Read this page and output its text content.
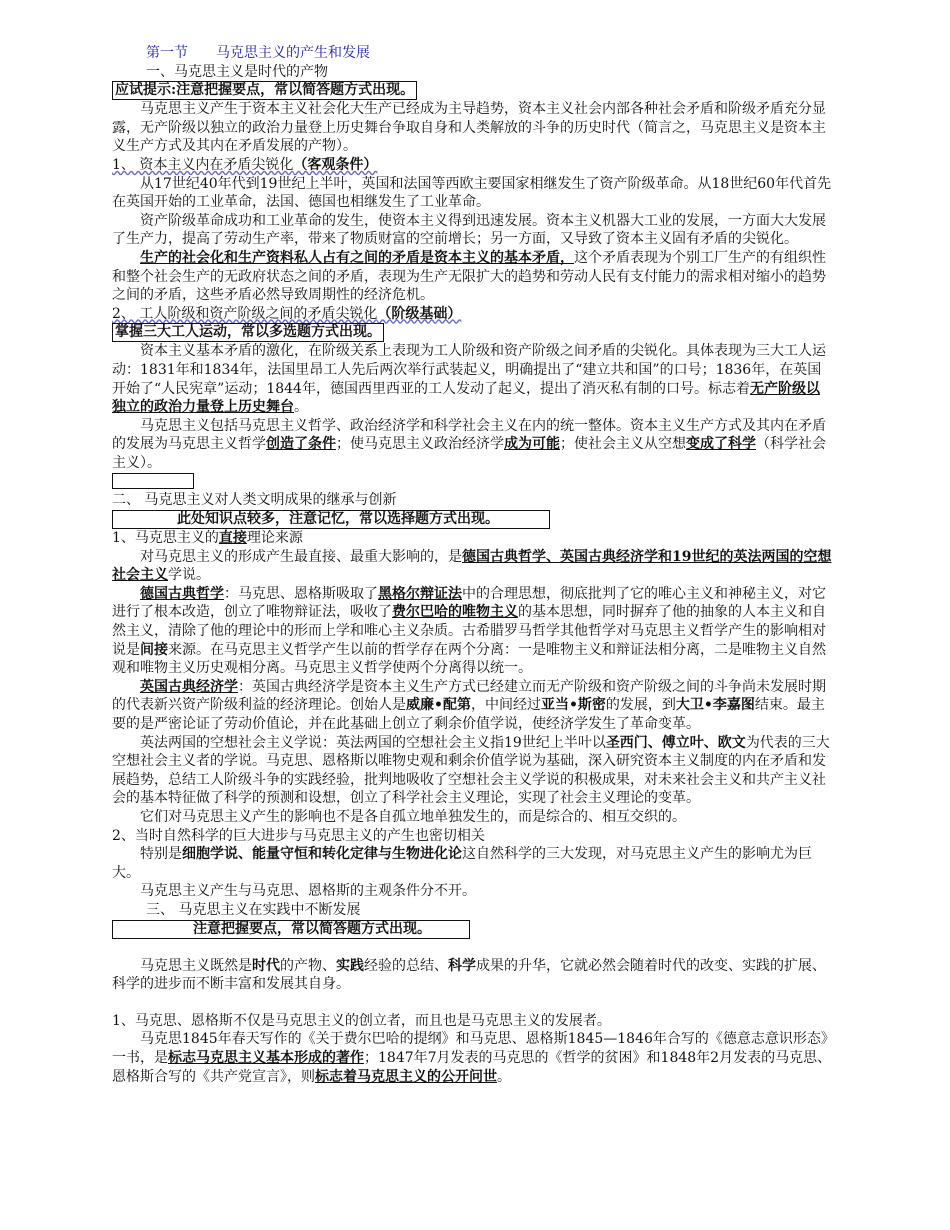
第一节 马克思主义的产生和发展
一、马克思主义是时代的产物
应试提示:注意把握要点，常以简答题方式出现。

马克思主义产生于资本主义社会化大生产已经成为主导趋势，资本主义社会内部各种社会矛盾和阶级矛盾充分显露，无产阶级以独立的政治力量登上历史舞台争取自身和人类解放的斗争的历史时代（简言之，马克思主义是资本主义生产方式及其内在矛盾发展的产物）。

1、 资本主义内在矛盾尖锐化（客观条件）

从17世纪40年代到19世纪上半叶，英国和法国等西欧主要国家相继发生了资产阶级革命。从18世纪60年代首先在英国开始的工业革命，法国、德国也相继发生了工业革命。

资产阶级革命成功和工业革命的发生，使资本主义得到迅速发展。资本主义机器大工业的发展，一方面大大发展了生产力，提高了劳动生产率，带来了物质财富的空前增长；另一方面，又导致了资本主义固有矛盾的尖锐化。

生产的社会化和生产资料私人占有之间的矛盾是资本主义的基本矛盾，这个矛盾表现为个别工厂生产的有组织性和整个社会生产的无政府状态之间的矛盾，表现为生产无限扩大的趋势和劳动人民有支付能力的需求相对缩小的趋势之间的矛盾，这些矛盾必然导致周期性的经济危机。

2、 工人阶级和资产阶级之间的矛盾尖锐化（阶级基础）
掌握三大工人运动，常以多选题方式出现。

资本主义基本矛盾的激化，在阶级关系上表现为工人阶级和资产阶级之间矛盾的尖锐化。具体表现为三大工人运动：1831年和1834年，法国里昂工人先后两次举行武装起义，明确提出了“建立共和国”的口号；1836年，在英国开始了“人民宪章”运动；1844年，德国西里西亚的工人发动了起义，提出了消灭私有制的口号。标志着无产阶级以独立的政治力量登上历史舞台。

马克思主义包括马克思主义哲学、政治经济学和科学社会主义在内的统一整体。资本主义生产方式及其内在矛盾的发展为马克思主义哲学创造了条件；使马克思主义政治经济学成为可能；使社会主义从空想变成了科学（科学社会主义）。

二、 马克思主义对人类文明成果的继承与创新
此处知识点较多，注意记忆，常以选择题方式出现。
1、马克思主义的直接理论来源

对马克思主义的形成产生最直接、最重大影响的，是德国古典哲学、英国古典经济学和19世纪的英法两国的空想社会主义学说。

德国古典哲学：马克思、恩格斯吸取了黑格尔辩证法中的合理思想，彻底批判了它的唯心主义和神秘主义，对它进行了根本改造，创立了唯物辩证法，吸收了费尔巴哈的唯物主义的基本思想，同时摒弃了他的抽象的人本主义和自然主义，清除了他的理论中的形而上学和唯心主义杂质。古希腊罗马哲学其他哲学对马克思主义哲学产生的影响相对说是间接来源。在马克思主义哲学产生以前的哲学存在两个分离：一是唯物主义和辩证法相分离，二是唯物主义自然观和唯物主义历史观相分离。马克思主义哲学使两个分离得以统一。

英国古典经济学：英国古典经济学是资本主义生产方式已经建立而无产阶级和资产阶级之间的斗争尚未发展时期的代表新兴资产阶级利益的经济理论。创始人是威廉•配第，中间经过亚当•斯密的发展，到大卫•李嘉图结束。最主要的是严密论证了劳动价值论，并在此基础上创立了剩余价值学说，使经济学发生了革命变革。

英法两国的空想社会主义学说：英法两国的空想社会主义指19世纪上半叶以圣西门、傅立叶、欧文为代表的三大空想社会主义者的学说。马克思、恩格斯以唯物史观和剩余价值学说为基础，深入研究资本主义制度的内在矛盾和发展趋势，总结工人阶级斗争的实践经验，批判地吸收了空想社会主义学说的积极成果，对未来社会主义和共产主义社会的基本特征做了科学的预测和设想，创立了科学社会主义理论，实现了社会主义理论的变革。

它们对马克思主义产生的影响也不是各自孤立地单独发生的，而是综合的、相互交织的。

2、当时自然科学的巨大进步与马克思主义的产生也密切相关

特别是细胞学说、能量守恒和转化定律与生物进化论这自然科学的三大发现，对马克思主义产生的影响尤为巨大。

马克思主义产生与马克思、恩格斯的主观条件分不开。

三、 马克思主义在实践中不断发展
注意把握要点，常以简答题方式出现。

马克思主义既然是时代的产物、实践经验的总结、科学成果的升华，它就必然会随着时代的改变、实践的扩展、科学的进步而不断丰富和发展其自身。

1、马克思、恩格斯不仅是马克思主义的创立者，而且也是马克思主义的发展者。

马克思1845年春天写作的《关于费尔巴哈的提纲》和马克思、恩格斯1845—1846年合写的《德意志意识形态》一书，是标志马克思主义基本形成的著作；1847年7月发表的马克思的《哲学的贫困》和1848年2月发表的马克思、恩格斯合写的《共产党宣言》，则标志着马克思主义的公开问世。
